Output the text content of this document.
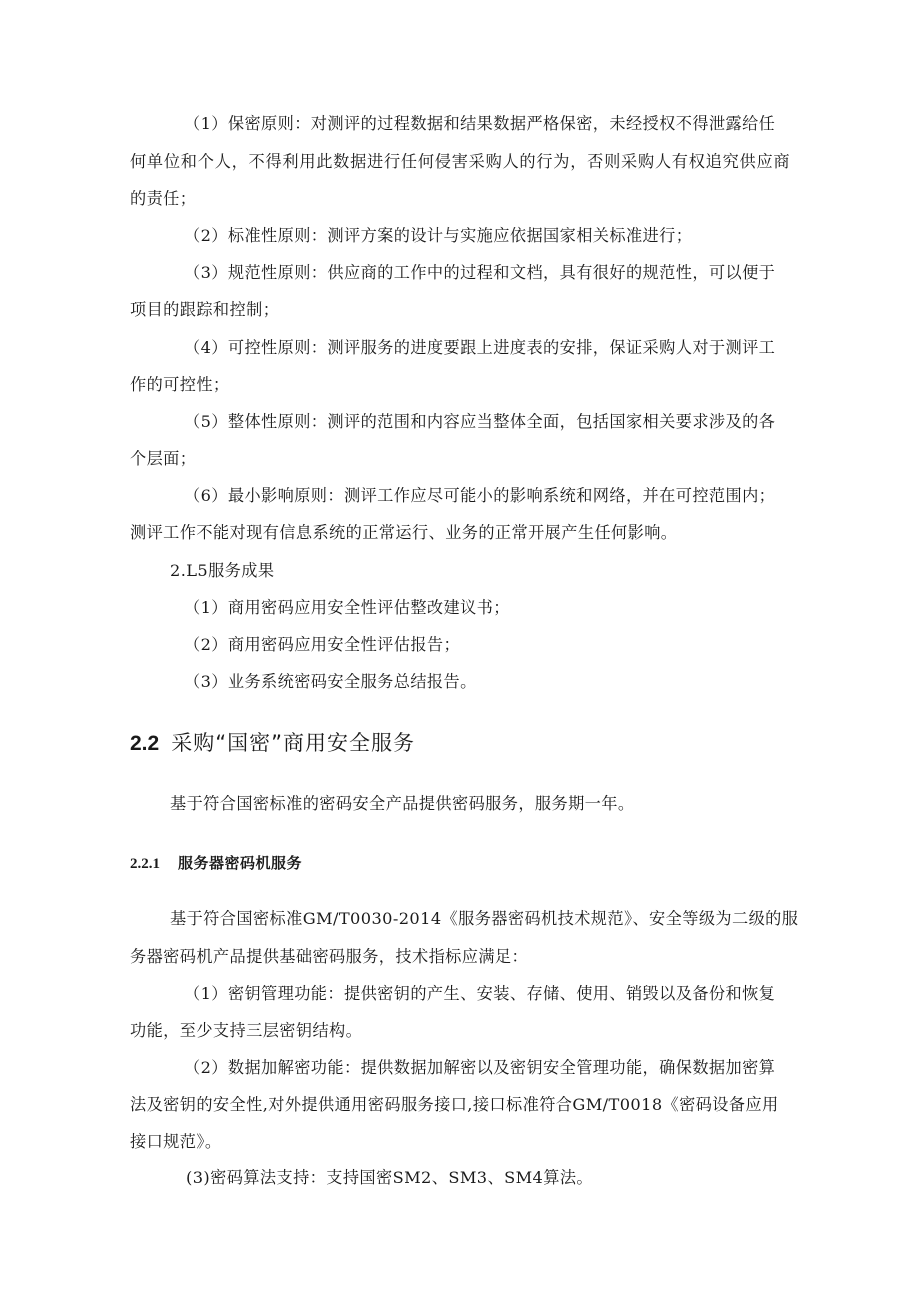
（1）保密原则：对测评的过程数据和结果数据严格保密，未经授权不得泄露给任
何单位和个人，不得利用此数据进行任何侵害采购人的行为，否则采购人有权追究供应商
的责任；
（2）标准性原则：测评方案的设计与实施应依据国家相关标准进行；
（3）规范性原则：供应商的工作中的过程和文档，具有很好的规范性，可以便于
项目的跟踪和控制；
（4）可控性原则：测评服务的进度要跟上进度表的安排，保证采购人对于测评工
作的可控性；
（5）整体性原则：测评的范围和内容应当整体全面，包括国家相关要求涉及的各
个层面；
（6）最小影响原则：测评工作应尽可能小的影响系统和网络，并在可控范围内；
测评工作不能对现有信息系统的正常运行、业务的正常开展产生任何影响。
2.L5服务成果
（1）商用密码应用安全性评估整改建议书；
（2）商用密码应用安全性评估报告；
（3）业务系统密码安全服务总结报告。
2.2 采购“国密”商用安全服务
基于符合国密标准的密码安全产品提供密码服务，服务期一年。
2.2.1 服务器密码机服务
基于符合国密标准GM/T0030-2014《服务器密码机技术规范》、安全等级为二级的服
务器密码机产品提供基础密码服务，技术指标应满足：
（1）密钥管理功能：提供密钥的产生、安装、存储、使用、销毁以及备份和恢复
功能，至少支持三层密钥结构。
（2）数据加解密功能：提供数据加解密以及密钥安全管理功能，确保数据加密算
法及密钥的安全性,对外提供通用密码服务接口,接口标准符合GM/T0018《密码设备应用
接口规范》。
(3)密码算法支持：支持国密SM2、SM3、SM4算法。
